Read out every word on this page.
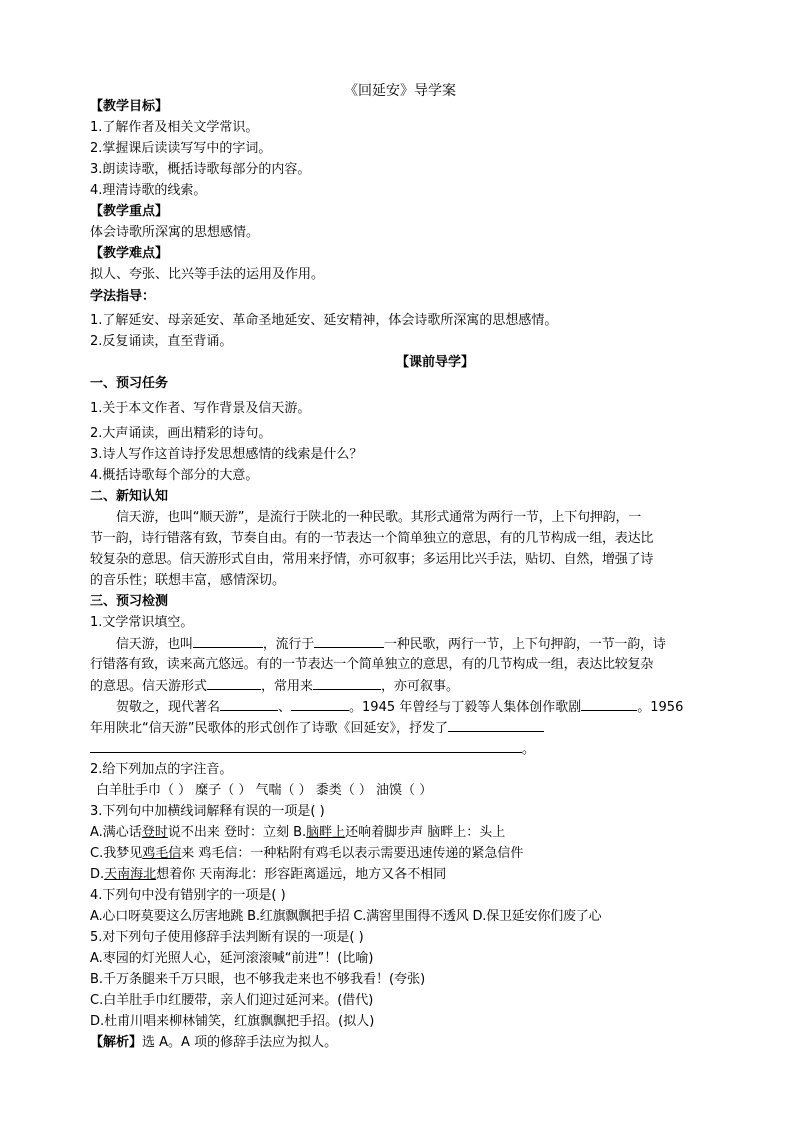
《回延安》导学案
【教学目标】
1.了解作者及相关文学常识。
2.掌握课后读读写写中的字词。
3.朗读诗歌，概括诗歌每部分的内容。
4.理清诗歌的线索。
【教学重点】
体会诗歌所深寓的思想感情。
【教学难点】
拟人、夸张、比兴等手法的运用及作用。
学法指导：
1.了解延安、母亲延安、革命圣地延安、延安精神，体会诗歌所深寓的思想感情。
2.反复诵读，直至背诵。
【课前导学】
一、预习任务
1.关于本文作者、写作背景及信天游。
2.大声诵读，画出精彩的诗句。
3.诗人写作这首诗抒发思想感情的线索是什么？
4.概括诗歌每个部分的大意。
二、新知认知
信天游，也叫“顺天游”，是流行于陕北的一种民歌。其形式通常为两行一节，上下句押韵，一
节一韵，诗行错落有致，节奏自由。有的一节表达一个简单独立的意思，有的几节构成一组，表达比
较复杂的意思。信天游形式自由，常用来抒情，亦可叙事；多运用比兴手法，贴切、自然，增强了诗
的音乐性；联想丰富，感情深切。
三、预习检测
1.文学常识填空。
信天游，也叫	，流行于	一种民歌，两行一节，上下句押韵，一节一韵，诗
行错落有致，读来高亢悠远。有的一节表达一个简单独立的意思，有的几节构成一组，表达比较复杂
的意思。信天游形式	，常用来	，亦可叙事。
贺敬之，现代著名	、	。1945 年曾经与丁毅等人集体创作歌剧	。1956
年用陕北“信天游”民歌体的形式创作了诗歌《回延安》，抒发了
。
2.给下列加点的字注音。
白羊肚手巾（ ） 糜子（ ） 气喘（ ） 黍类（ ） 油馍（ ）
3.下列句中加横线词解释有误的一项是( )
A.满心话登时说不出来 登时：立刻 B.脑畔上还响着脚步声 脑畔上：头上
C.我梦见鸡毛信来 鸡毛信：一种粘附有鸡毛以表示需要迅速传递的紧急信件
D.天南海北想着你 天南海北：形容距离遥远，地方又各不相同
4.下列句中没有错别字的一项是( )
A.心口呀莫要这么厉害地跳 B.红旗飘飘把手招 C.满窖里围得不透风 D.保卫延安你们废了心
5.对下列句子使用修辞手法判断有误的一项是( )
A.枣园的灯光照人心，延河滚滚喊“前进”！(比喻)
B.千万条腿来千万只眼，也不够我走来也不够我看！(夸张)
C.白羊肚手巾红腰带，亲人们迎过延河来。(借代)
D.杜甫川唱来柳林铺笑，红旗飘飘把手招。(拟人)
【解析】选 A。A 项的修辞手法应为拟人。
